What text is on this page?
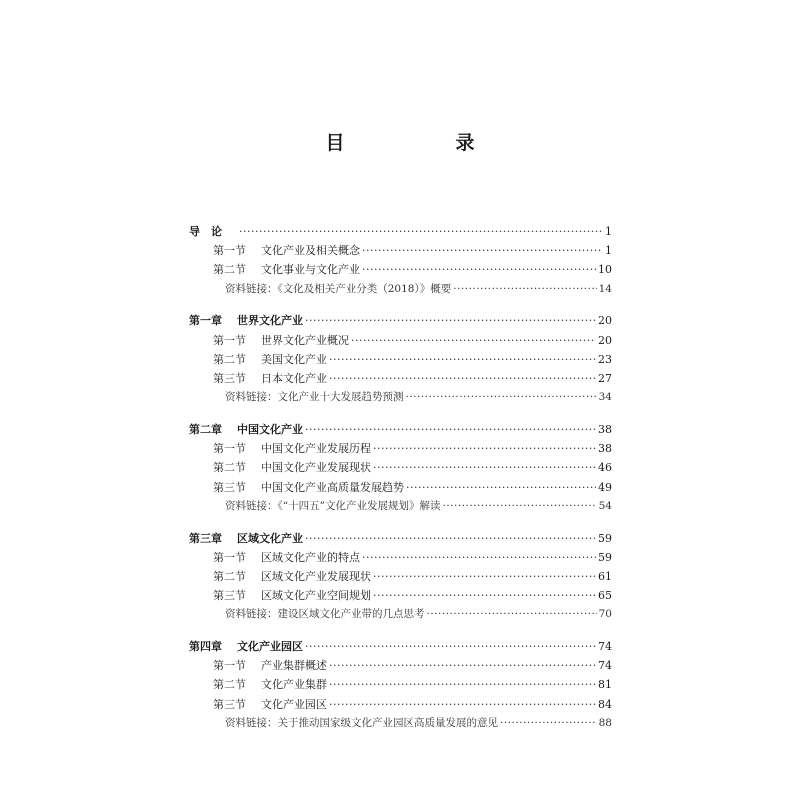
目　录
导　论 ·····	1
第一节 文化产业及相关概念 ·····	1
第二节 文化事业与文化产业 ·····	10
资料链接：《文化及相关产业分类（2018）》概要 ·····	14
第一章 世界文化产业 ·····	20
第一节 世界文化产业概况 ·····	20
第二节 美国文化产业 ·····	23
第三节 日本文化产业 ·····	27
资料链接：文化产业十大发展趋势预测 ·····	34
第二章 中国文化产业 ·····	38
第一节 中国文化产业发展历程 ·····	38
第二节 中国文化产业发展现状 ·····	46
第三节 中国文化产业高质量发展趋势 ·····	49
资料链接：《“十四五”文化产业发展规划》解读 ·····	54
第三章 区域文化产业 ·····	59
第一节 区域文化产业的特点 ·····	59
第二节 区域文化产业发展现状 ·····	61
第三节 区域文化产业空间规划 ·····	65
资料链接：建设区域文化产业带的几点思考 ·····	70
第四章 文化产业园区 ·····	74
第一节 产业集群概述 ·····	74
第二节 文化产业集群 ·····	81
第三节 文化产业园区 ·····	84
资料链接：关于推动国家级文化产业园区高质量发展的意见 ·····	88
